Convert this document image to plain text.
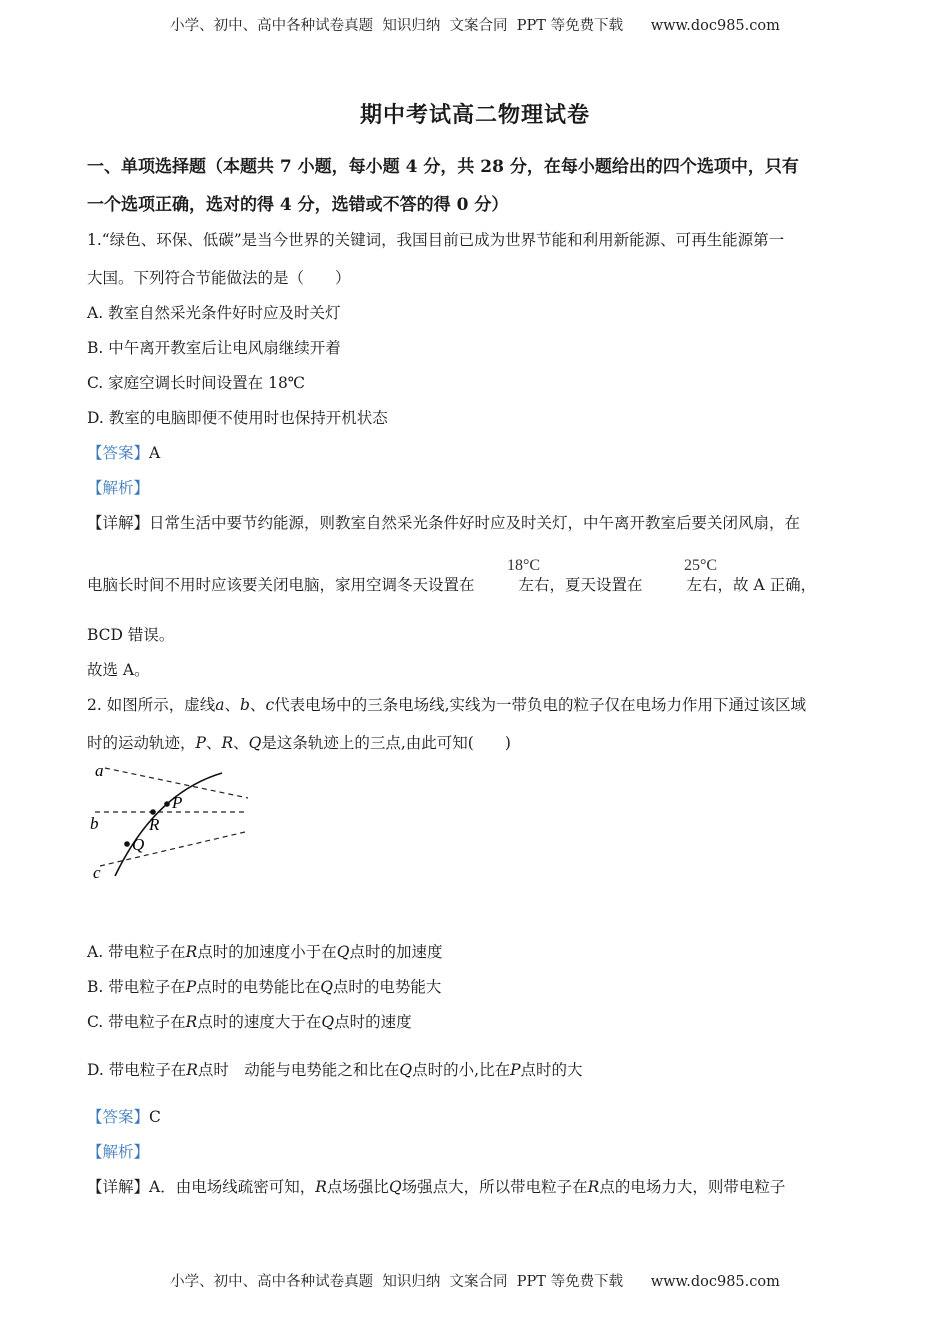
小学、初中、高中各种试卷真题  知识归纳  文案合同  PPT 等免费下载      www.doc985.com
期中考试高二物理试卷
一、单项选择题（本题共 7 小题，每小题 4 分，共 28 分，在每小题给出的四个选项中，只有
一个选项正确，选对的得 4 分，选错或不答的得 0 分）
1.“绿色、环保、低碳”是当今世界的关键词，我国目前已成为世界节能和利用新能源、可再生能源第一
大国。下列符合节能做法的是（　　）
A. 教室自然采光条件好时应及时关灯
B. 中午离开教室后让电风扇继续开着
C. 家庭空调长时间设置在 18℃
D. 教室的电脑即便不使用时也保持开机状态
【答案】A
【解析】
【详解】日常生活中要节约能源，则教室自然采光条件好时应及时关灯，中午离开教室后要关闭风扇，在
电脑长时间不用时应该要关闭电脑，家用空调冬天设置在	左右，夏天设置在	左右，故 A 正确，
18°C	25°C
BCD 错误。
故选 A。
2. 如图所示，虚线a、b、c代表电场中的三条电场线,实线为一带负电的粒子仅在电场力作用下通过该区域
时的运动轨迹，P、R、Q是这条轨迹上的三点,由此可知(　　)
a
b
c
P
R
Q
A. 带电粒子在R点时的加速度小于在Q点时的加速度
B. 带电粒子在P点时的电势能比在Q点时的电势能大
C. 带电粒子在R点时的速度大于在Q点时的速度
D. 带电粒子在R点时　动能与电势能之和比在Q点时的小,比在P点时的大
【答案】C
【解析】
【详解】A．由电场线疏密可知，R点场强比Q场强点大，所以带电粒子在R点的电场力大，则带电粒子
小学、初中、高中各种试卷真题  知识归纳  文案合同  PPT 等免费下载      www.doc985.com
